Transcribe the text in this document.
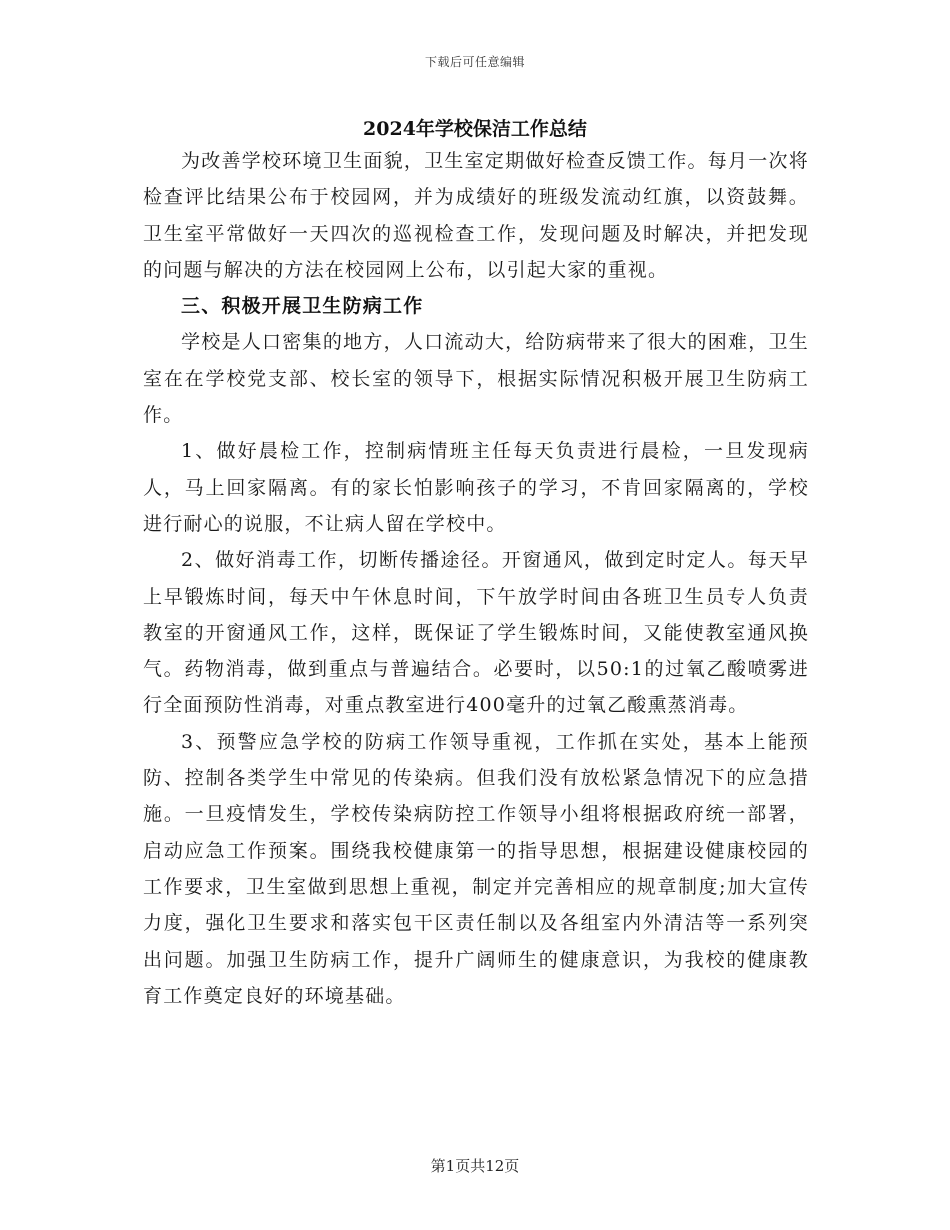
下载后可任意编辑
2024年学校保洁工作总结

为改善学校环境卫生面貌，卫生室定期做好检查反馈工作。每月一次将检查评比结果公布于校园网，并为成绩好的班级发流动红旗，以资鼓舞。卫生室平常做好一天四次的巡视检查工作，发现问题及时解决，并把发现的问题与解决的方法在校园网上公布，以引起大家的重视。

三、积极开展卫生防病工作

学校是人口密集的地方，人口流动大，给防病带来了很大的困难，卫生室在在学校党支部、校长室的领导下，根据实际情况积极开展卫生防病工作。

1、做好晨检工作，控制病情班主任每天负责进行晨检，一旦发现病人，马上回家隔离。有的家长怕影响孩子的学习，不肯回家隔离的，学校进行耐心的说服，不让病人留在学校中。

2、做好消毒工作，切断传播途径。开窗通风，做到定时定人。每天早上早锻炼时间，每天中午休息时间，下午放学时间由各班卫生员专人负责教室的开窗通风工作，这样，既保证了学生锻炼时间，又能使教室通风换气。药物消毒，做到重点与普遍结合。必要时，以50:1的过氧乙酸喷雾进行全面预防性消毒，对重点教室进行400毫升的过氧乙酸熏蒸消毒。

3、预警应急学校的防病工作领导重视，工作抓在实处，基本上能预防、控制各类学生中常见的传染病。但我们没有放松紧急情况下的应急措施。一旦疫情发生，学校传染病防控工作领导小组将根据政府统一部署，启动应急工作预案。围绕我校健康第一的指导思想，根据建设健康校园的工作要求，卫生室做到思想上重视，制定并完善相应的规章制度;加大宣传力度，强化卫生要求和落实包干区责任制以及各组室内外清洁等一系列突出问题。加强卫生防病工作，提升广阔师生的健康意识，为我校的健康教育工作奠定良好的环境基础。

第1页共12页
